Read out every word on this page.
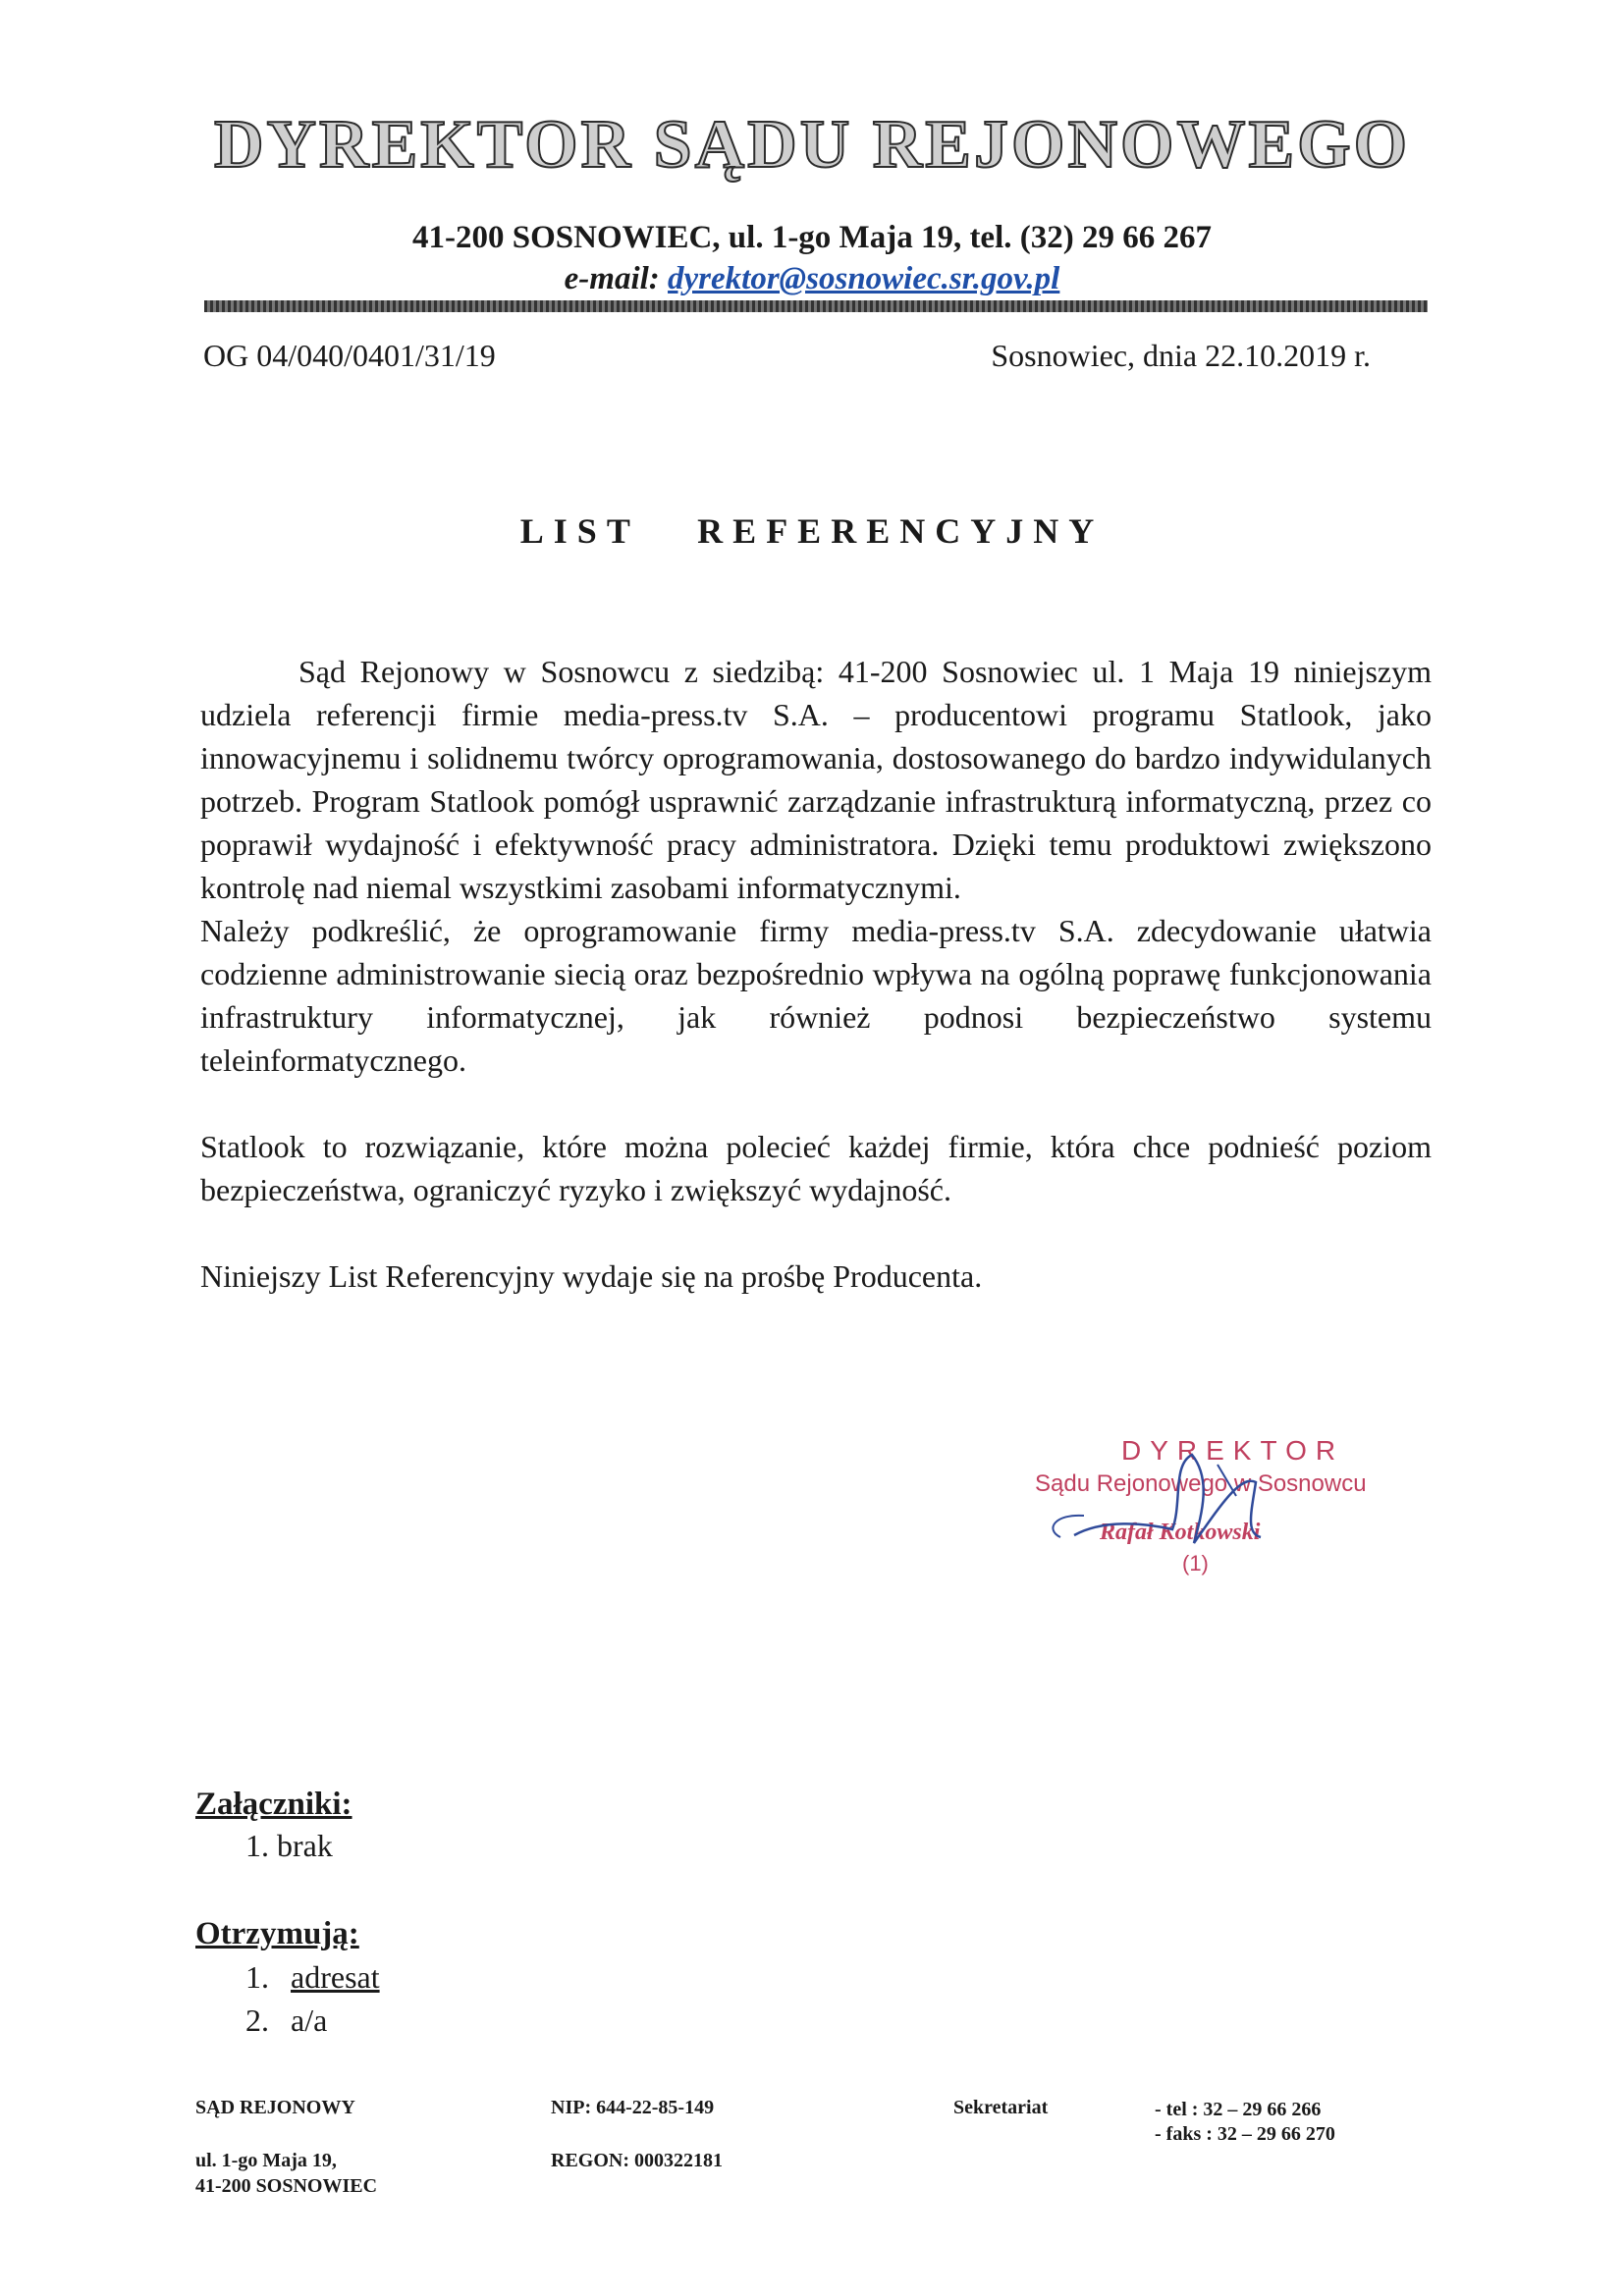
DYREKTOR SĄDU REJONOWEGO
41-200 SOSNOWIEC, ul. 1-go Maja 19, tel. (32) 29 66 267
e-mail: dyrektor@sosnowiec.sr.gov.pl
OG 04/040/0401/31/19	Sosnowiec, dnia 22.10.2019 r.
LIST REFERENCYJNY

Sąd Rejonowy w Sosnowcu z siedzibą: 41-200 Sosnowiec ul. 1 Maja 19 niniejszym udziela referencji firmie media-press.tv S.A. – producentowi programu Statlook, jako innowacyjnemu i solidnemu twórcy oprogramowania, dostosowanego do bardzo indywidulanych potrzeb. Program Statlook pomógł usprawnić zarządzanie infrastrukturą informatyczną, przez co poprawił wydajność i efektywność pracy administratora. Dzięki temu produktowi zwiększono kontrolę nad niemal wszystkimi zasobami informatycznymi.

Należy podkreślić, że oprogramowanie firmy media-press.tv S.A. zdecydowanie ułatwia codzienne administrowanie siecią oraz bezpośrednio wpływa na ogólną poprawę funkcjonowania infrastruktury informatycznej, jak również podnosi bezpieczeństwo systemu teleinformatycznego.

Statlook to rozwiązanie, które można polecieć każdej firmie, która chce podnieść poziom bezpieczeństwa, ograniczyć ryzyko i zwiększyć wydajność.

Niniejszy List Referencyjny wydaje się na prośbę Producenta.

DYREKTOR
Sądu Rejonowego w Sosnowcu
Rafał Kotkowski
(1)
Załączniki:
1. brak
Otrzymują:
1. adresat
2. a/a
SĄD REJONOWY
ul. 1-go Maja 19,
41-200 SOSNOWIEC
NIP: 644-22-85-149
REGON: 000322181
Sekretariat	- tel : 32 – 29 66 266
- faks : 32 – 29 66 270
